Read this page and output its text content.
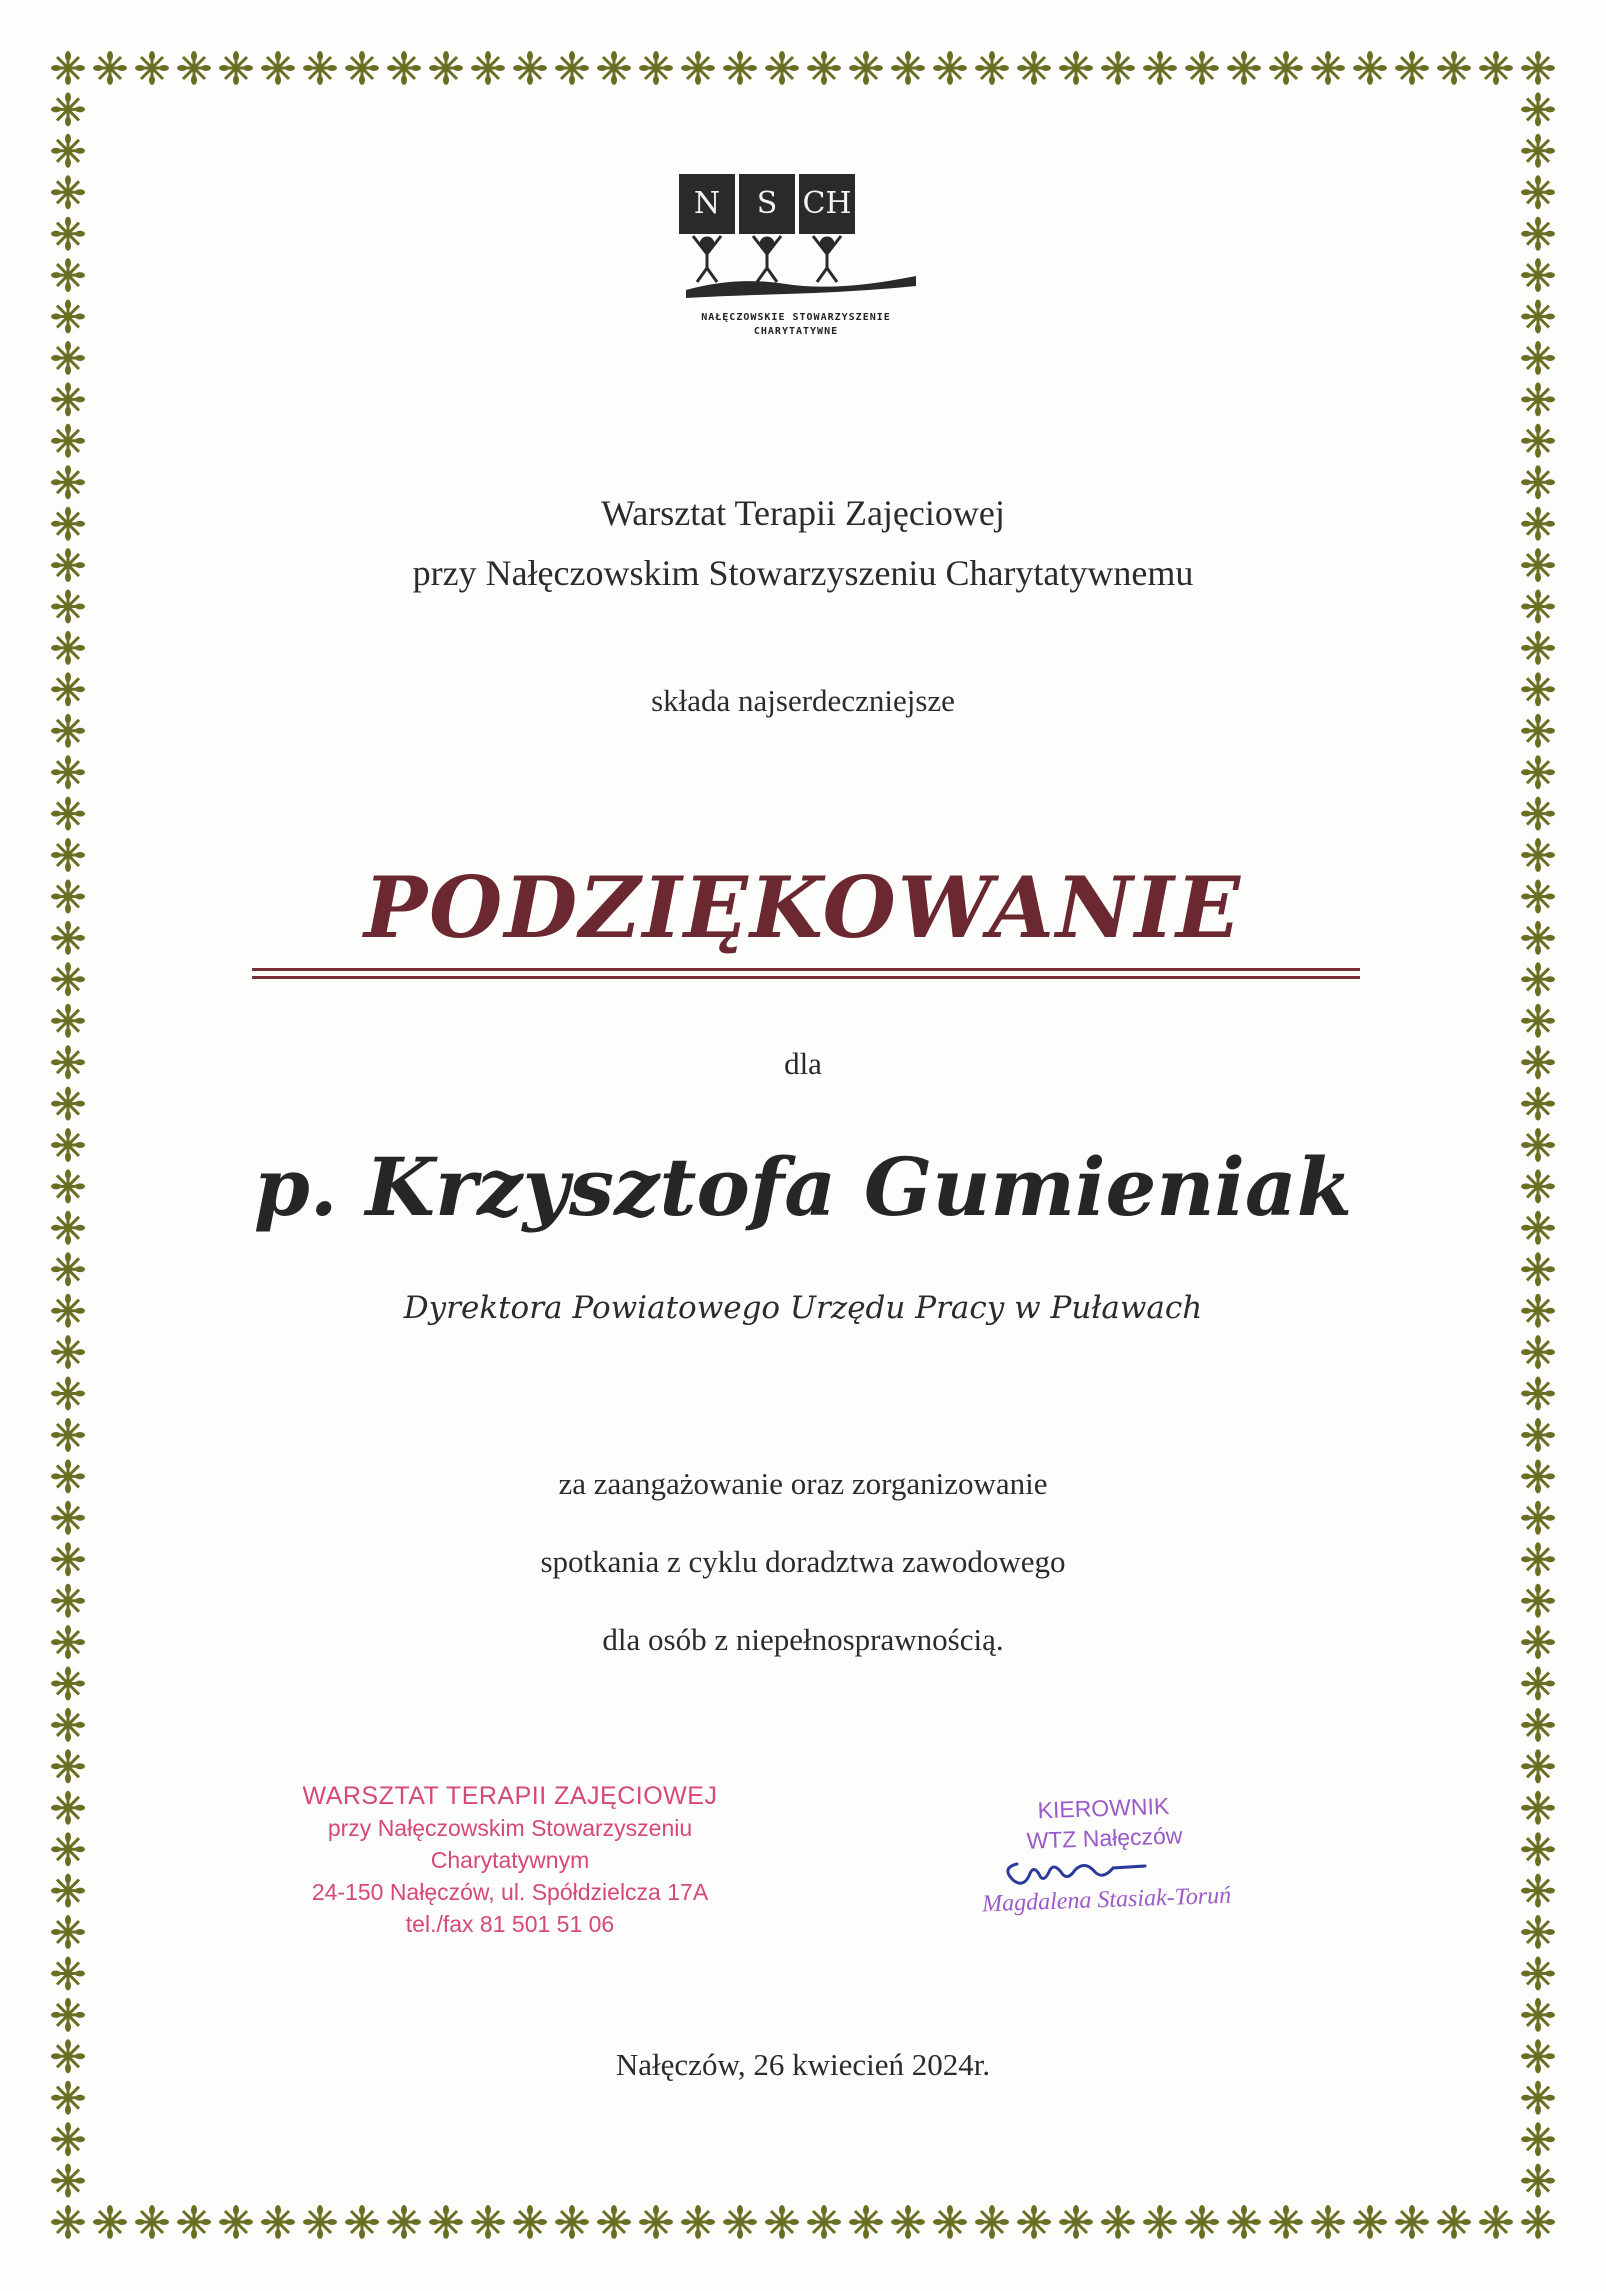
N	S CH
NAŁĘCZOWSKIE STOWARZYSZENIE
CHARYTATYWNE
Warsztat Terapii Zajęciowej
przy Nałęczowskim Stowarzyszeniu Charytatywnemu
składa najserdeczniejsze
PODZIĘKOWANIE
dla
p. Krzysztofa Gumieniak
Dyrektora Powiatowego Urzędu Pracy w Puławach
za zaangażowanie oraz zorganizowanie
spotkania z cyklu doradztwa zawodowego
dla osób z niepełnosprawnością.
WARSZTAT TERAPII ZAJĘCIOWEJ
przy Nałęczowskim Stowarzyszeniu
Charytatywnym
24-150 Nałęczów, ul. Spółdzielcza 17A
tel./fax 81 501 51 06
KIEROWNIK
WTZ Nałęczów
Magdalena Stasiak-Toruń
Nałęczów, 26 kwiecień 2024r.
